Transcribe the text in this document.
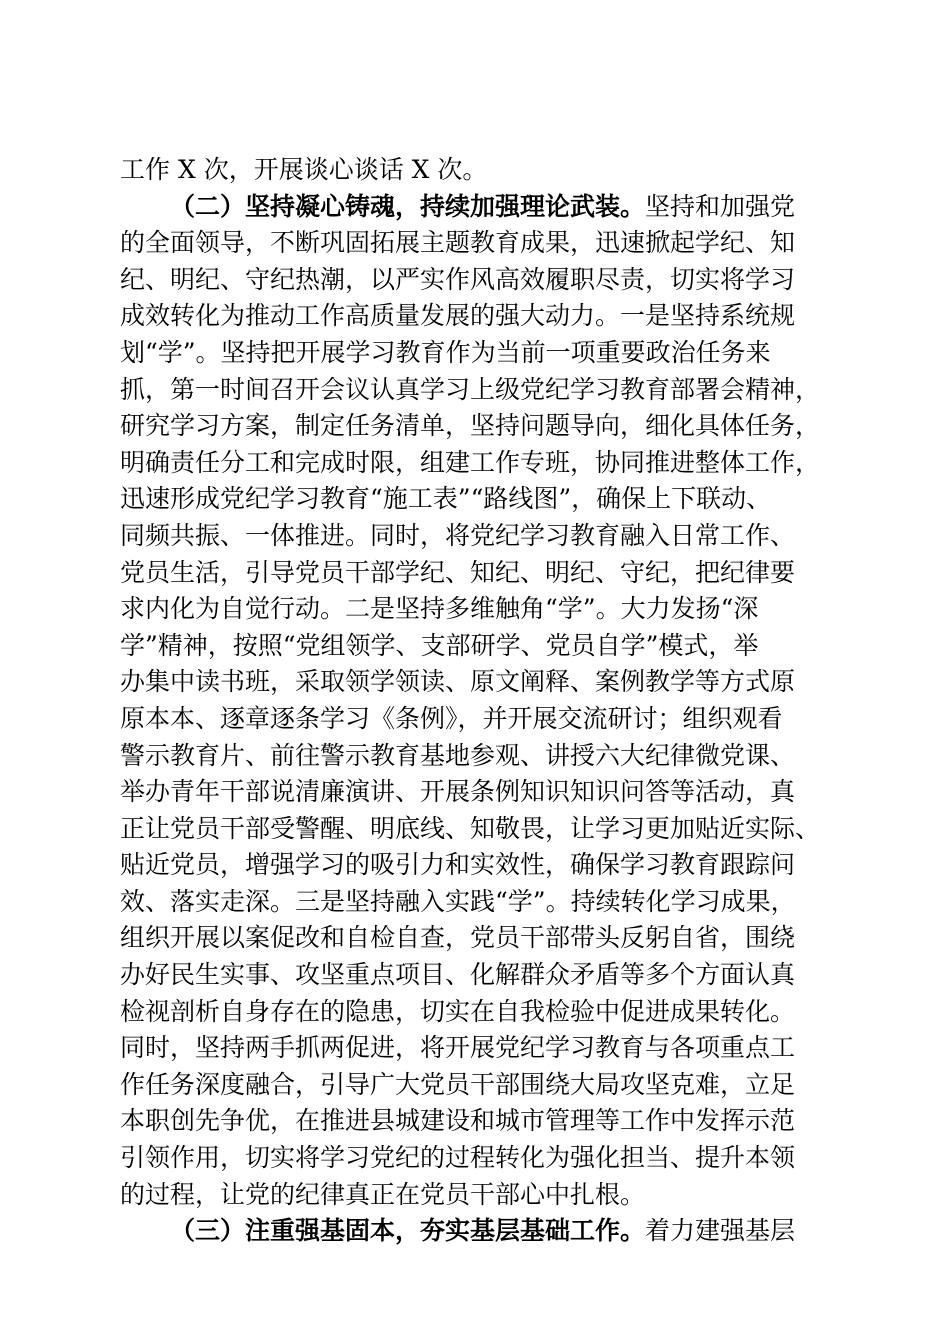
工作 X 次，开展谈心谈话 X 次。
（二）坚持凝心铸魂，持续加强理论武装。坚持和加强党
的全面领导，不断巩固拓展主题教育成果，迅速掀起学纪、知
纪、明纪、守纪热潮，以严实作风高效履职尽责，切实将学习
成效转化为推动工作高质量发展的强大动力。一是坚持系统规
划“学”。坚持把开展学习教育作为当前一项重要政治任务来
抓，第一时间召开会议认真学习上级党纪学习教育部署会精神，
研究学习方案，制定任务清单，坚持问题导向，细化具体任务，
明确责任分工和完成时限，组建工作专班，协同推进整体工作，
迅速形成党纪学习教育“施工表”“路线图”，确保上下联动、
同频共振、一体推进。同时，将党纪学习教育融入日常工作、
党员生活，引导党员干部学纪、知纪、明纪、守纪，把纪律要
求内化为自觉行动。二是坚持多维触角“学”。大力发扬“深
学”精神，按照“党组领学、支部研学、党员自学”模式，举
办集中读书班，采取领学领读、原文阐释、案例教学等方式原
原本本、逐章逐条学习《条例》，并开展交流研讨；组织观看
警示教育片、前往警示教育基地参观、讲授六大纪律微党课、
举办青年干部说清廉演讲、开展条例知识知识问答等活动，真
正让党员干部受警醒、明底线、知敬畏，让学习更加贴近实际、
贴近党员，增强学习的吸引力和实效性，确保学习教育跟踪问
效、落实走深。三是坚持融入实践“学”。持续转化学习成果，
组织开展以案促改和自检自查，党员干部带头反躬自省，围绕
办好民生实事、攻坚重点项目、化解群众矛盾等多个方面认真
检视剖析自身存在的隐患，切实在自我检验中促进成果转化。
同时，坚持两手抓两促进，将开展党纪学习教育与各项重点工
作任务深度融合，引导广大党员干部围绕大局攻坚克难，立足
本职创先争优，在推进县城建设和城市管理等工作中发挥示范
引领作用，切实将学习党纪的过程转化为强化担当、提升本领
的过程，让党的纪律真正在党员干部心中扎根。
（三）注重强基固本，夯实基层基础工作。着力建强基层
